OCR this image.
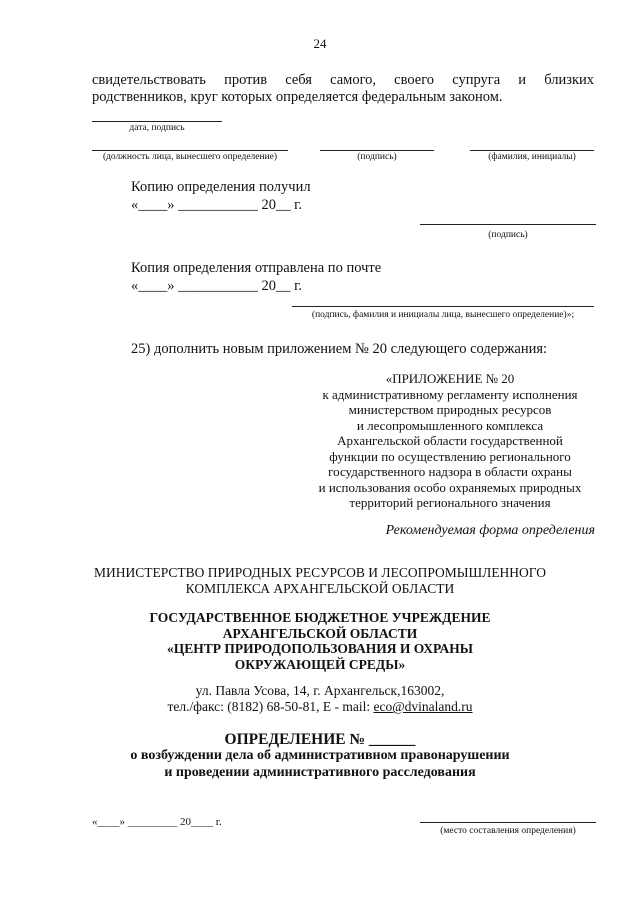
24
свидетельствовать против себя самого, своего супруга и близких
родственников, круг которых определяется федеральным законом.
дата, подпись
(должность лица, вынесшего определение)	(подпись)	(фамилия, инициалы)
Копию определения получил
«____» ___________ 20__ г.
(подпись)
Копия определения отправлена по почте
«____» ___________ 20__ г.
(подпись, фамилия и инициалы лица, вынесшего определение)»;
25) дополнить новым приложением № 20 следующего содержания:
«ПРИЛОЖЕНИЕ № 20
к административному регламенту исполнения
министерством природных ресурсов
и лесопромышленного комплекса
Архангельской области государственной
функции по осуществлению регионального
государственного надзора в области охраны
и использования особо охраняемых природных
территорий регионального значения
Рекомендуемая форма определения
МИНИСТЕРСТВО ПРИРОДНЫХ РЕСУРСОВ И ЛЕСОПРОМЫШЛЕННОГО
КОМПЛЕКСА АРХАНГЕЛЬСКОЙ ОБЛАСТИ
ГОСУДАРСТВЕННОЕ БЮДЖЕТНОЕ УЧРЕЖДЕНИЕ
АРХАНГЕЛЬСКОЙ ОБЛАСТИ
«ЦЕНТР ПРИРОДОПОЛЬЗОВАНИЯ И ОХРАНЫ
ОКРУЖАЮЩЕЙ СРЕДЫ»
ул. Павла Усова, 14, г. Архангельск,163002,
тел./факс: (8182) 68-50-81, Е - mail: eco@dvinaland.ru
ОПРЕДЕЛЕНИЕ № ______
о возбуждении дела об административном правонарушении
и проведении административного расследования
«____» _________ 20____ г.
(место составления определения)
